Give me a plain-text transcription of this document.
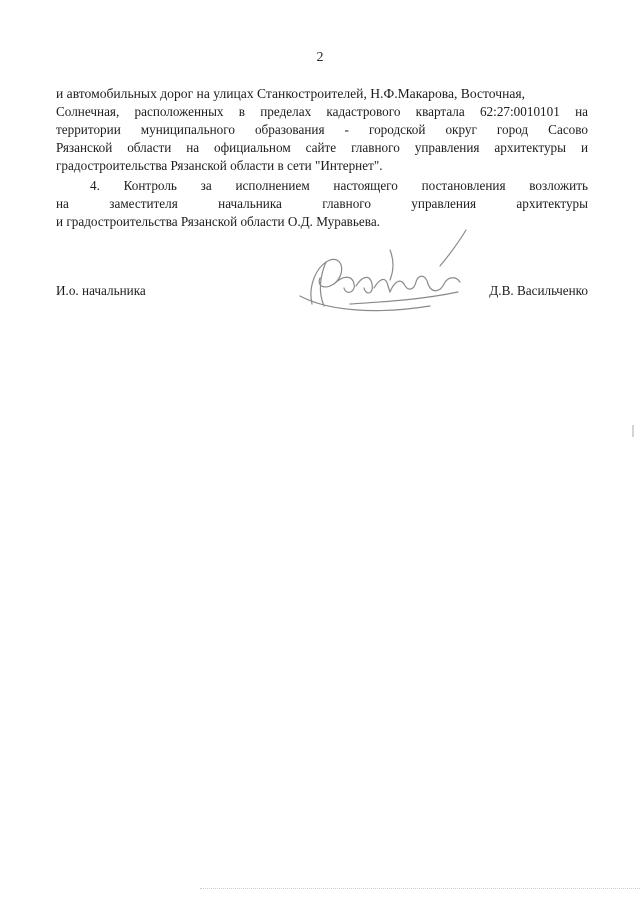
2
и автомобильных дорог на улицах Станкостроителей, Н.Ф.Макарова, Восточная,
Солнечная, расположенных в пределах кадастрового квартала 62:27:0010101 на
территории муниципального образования - городской округ город Сасово
Рязанской области на официальном сайте главного управления архитектуры и
градостроительства Рязанской области в сети "Интернет".
4. Контроль за исполнением настоящего постановления возложить
на заместителя начальника главного управления архитектуры
и градостроительства Рязанской области О.Д. Муравьева.
И.о. начальника	Д.В. Васильченко
